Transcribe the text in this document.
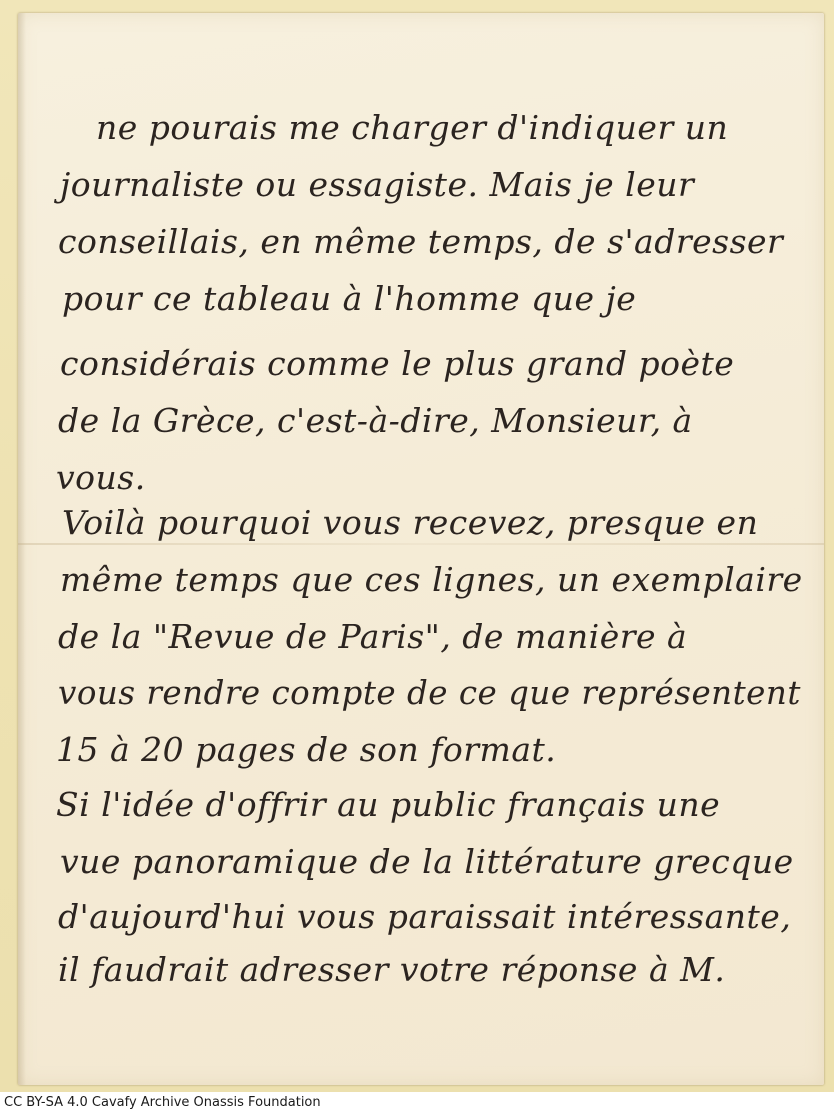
ne pourais me charger d'indiquer un

journaliste ou essagiste. Mais je leur

conseillais, en même temps, de s'adresser

pour ce tableau à l'homme que je

considérais comme le plus grand poète

de la Grèce, c'est-à-dire, Monsieur, à

vous.

Voilà pourquoi vous recevez, presque en

même temps que ces lignes, un exemplaire

de la "Revue de Paris", de manière à

vous rendre compte de ce que représentent

15 à 20 pages de son format.

Si l'idée d'offrir au public français une

vue panoramique de la littérature grecque

d'aujourd'hui vous paraissait intéressante,

il faudrait adresser votre réponse à M.

CC BY-SA 4.0 Cavafy Archive Onassis Foundation
